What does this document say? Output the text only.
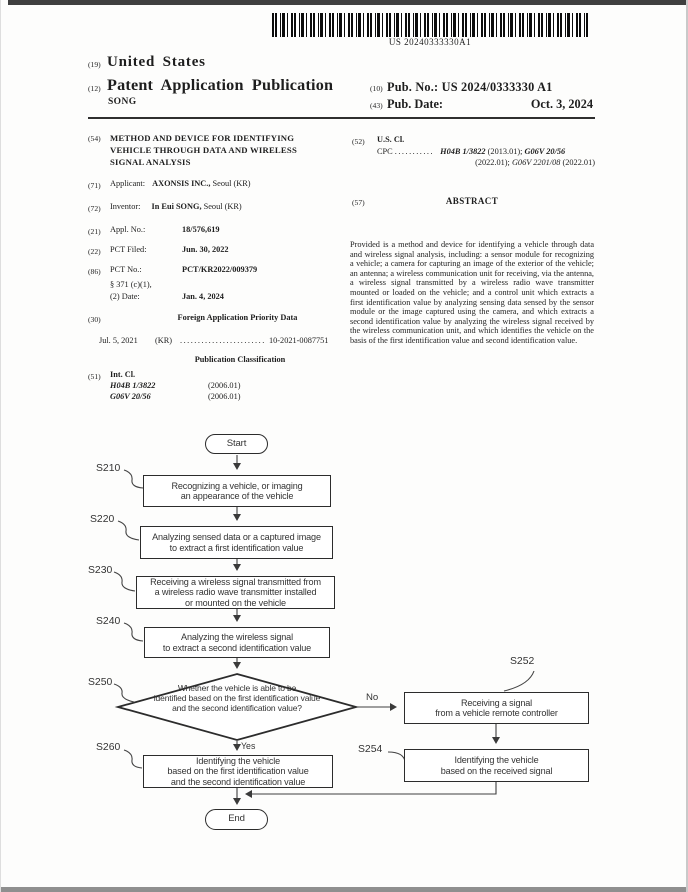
US 20240333330A1
(19) United States
(12) Patent Application Publication
SONG
(10) Pub. No.: US 2024/0333330 A1
(43) Pub. Date:	Oct. 3, 2024
(54) METHOD AND DEVICE FOR IDENTIFYING
VEHICLE THROUGH DATA AND WIRELESS
SIGNAL ANALYSIS
(71) Applicant: AXONSIS INC., Seoul (KR)
(72) Inventor: In Eui SONG, Seoul (KR)
(21) Appl. No.:	18/576,619
(22) PCT Filed:	Jun. 30, 2022
(86) PCT No.:	PCT/KR2022/009379
§ 371 (c)(1),
(2) Date:	Jan. 4, 2024
(30)	Foreign Application Priority Data
Jul. 5, 2021 (KR) ........................ 10-2021-0087751
Publication Classification
(51) Int. Cl.
H04B 1/3822	(2006.01)
G06V 20/56	(2006.01)
(52) U.S. Cl.
CPC ........... H04B 1/3822 (2013.01); G06V 20/56
(2022.01); G06V 2201/08 (2022.01)
(57)	ABSTRACT
Provided is a method and device for identifying a vehicle through data and wireless signal analysis, including: a sensor module for recognizing a vehicle; a camera for capturing an image of the exterior of the vehicle; an antenna; a wireless communication unit for receiving, via the antenna, a wireless signal transmitted by a wireless radio wave transmitter mounted or loaded on the vehicle; and a control unit which extracts a first identification value by analyzing sensing data sensed by the sensor module or the image captured using the camera, and which extracts a second identification value by analyzing the wireless signal received by the wireless communication unit, and which identifies the vehicle on the basis of the first identification value and second identification value.
Start
Recognizing a vehicle, or imaging
an appearance of the vehicle
Analyzing sensed data or a captured image
to extract a first identification value
Receiving a wireless signal transmitted from
a wireless radio wave transmitter installed
or mounted on the vehicle
Analyzing the wireless signal
to extract a second identification value
Whether the vehicle is able to be
identified based on the first identification value
and the second identification value?
Receiving a signal
from a vehicle remote controller
Identifying the vehicle
based on the received signal
Identifying the vehicle
based on the first identification value
and the second identification value
End
S210
S220
S230
S240
S250
S260
S252
S254
No
Yes
